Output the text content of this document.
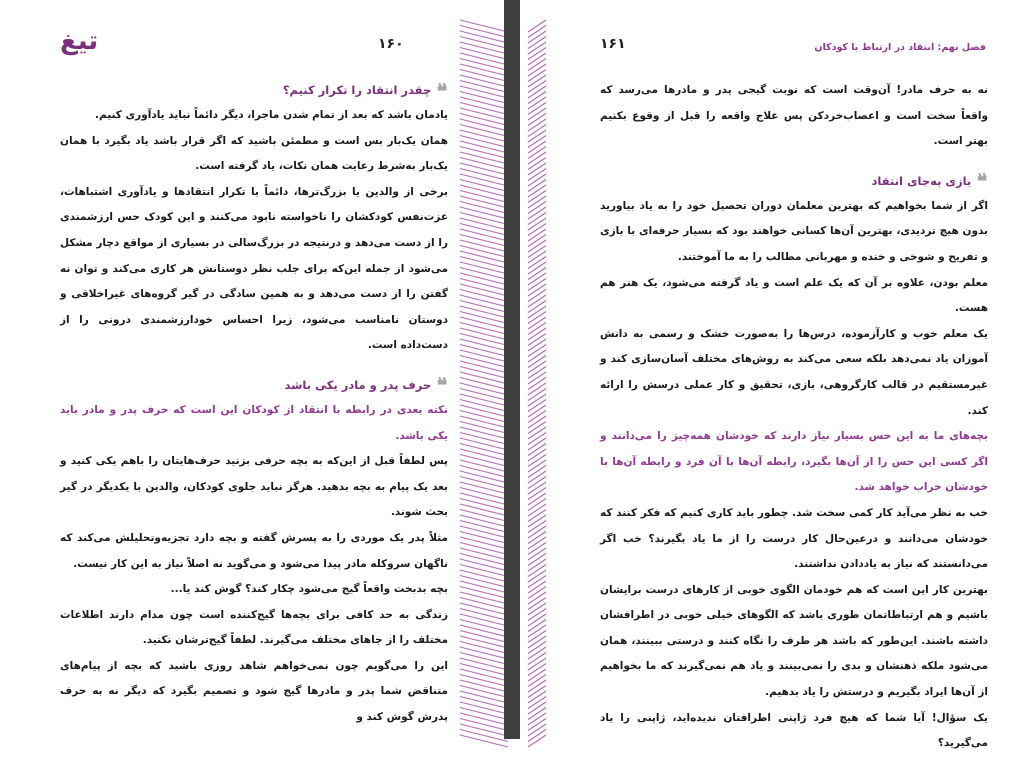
تیغ	۱۶۰
❝
چقدر انتقاد را تکرار کنیم؟

یادمان باشد که بعد از تمام شدن ماجرا، دیگر دائماً نباید یادآوری کنیم.

همان یک‌بار بس است و مطمئن باشید که اگر قرار باشد یاد بگیرد با همان یک‌بار به‌شرط رعایت همان نکات، یاد گرفته است.

برخی از والدین یا بزرگ‌ترها، دائماً با تکرار انتقادها و یادآوری اشتباهات، عزت‌نفس کودکشان را ناخواسته نابود می‌کنند و این کودک حس ارزشمندی را از دست می‌دهد و درنتیجه در بزرگ‌سالی در بسیاری از مواقع دچار مشکل می‌شود از جمله این‌که برای جلب نظر دوستانش هر کاری می‌کند و توان نه گفتن را از دست می‌دهد و به همین سادگی در گیر گروه‌های غیراخلاقی و دوستان نامناسب می‌شود، زیرا احساس خودارزشمندی درونی را از دست‌داده است.

❝
حرف پدر و مادر یکی باشد

نکته بعدی در رابطه با انتقاد از کودکان این است که حرف پدر و مادر باید یکی باشد.

پس لطفاً قبل از این‌که به بچه حرفی بزنید حرف‌هایتان را باهم یکی کنید و بعد یک پیام به بچه بدهید. هرگز نباید جلوی کودکان، والدین با یکدیگر در گیر بحث شوند.

مثلاً پدر یک موردی را به پسرش گفته و بچه دارد تجزیه‌وتحلیلش می‌کند که ناگهان سروکله مادر پیدا می‌شود و می‌گوید نه اصلاً نیاز به این کار نیست.

بچه بدبخت واقعاً گیج می‌شود چکار کند؟ گوش کند یا...

زندگی به حد کافی برای بچه‌ها گیج‌کننده است چون مدام دارند اطلاعات مختلف را از جاهای مختلف می‌گیرند. لطفاً گیج‌ترشان نکنید.

این را می‌گویم چون نمی‌خواهم شاهد روزی باشید که بچه از پیام‌های متناقض شما پدر و مادرها گیج شود و تصمیم بگیرد که دیگر نه به حرف پدرش گوش کند و

فصل نهم: انتقاد در ارتباط با کودکان
۱۶۱

نه به حرف مادر! آن‌وقت است که نوبت گیجی پدر و مادرها می‌رسد که واقعاً سخت است و اعصاب‌خردکن پس علاج واقعه را قبل از وقوع بکنیم بهتر است.

❝
بازی به‌جای انتقاد

اگر از شما بخواهیم که بهترین معلمان دوران تحصیل خود را به یاد بیاورید بدون هیچ تردیدی، بهترین آن‌ها کسانی خواهند بود که بسیار حرفه‌ای با بازی و تفریح و شوخی و خنده و مهربانی مطالب را به ما آموختند.

معلم بودن، علاوه بر آن که یک علم است و یاد گرفته می‌شود، یک هنر هم هست.

یک معلم خوب و کارآزموده، درس‌ها را به‌صورت خشک و رسمی به دانش آموزان یاد نمی‌دهد بلکه سعی می‌کند به روش‌های مختلف آسان‌سازی کند و غیرمستقیم در قالب کارگروهی، بازی، تحقیق و کار عملی درسش را ارائه کند.

بچه‌های ما به این حس بسیار نیاز دارند که خودشان همه‌چیز را می‌دانند و اگر کسی این حس را از آن‌ها بگیرد، رابطه آن‌ها با آن فرد و رابطه آن‌ها با خودشان خراب خواهد شد.

خب به نظر می‌آید کار کمی سخت شد. چطور باید کاری کنیم که فکر کنند که خودشان می‌دانند و درعین‌حال کار درست را از ما یاد بگیرند؟ خب اگر می‌دانستند که نیاز به یاددادن نداشتند.

بهترین کار این است که هم خودمان الگوی خوبی از کارهای درست برایشان باشیم و هم ارتباطاتمان طوری باشد که الگوهای خیلی خوبی در اطرافشان داشته باشند. این‌طور که باشد هر طرف را نگاه کنند و درستی ببینند، همان می‌شود ملکه ذهنشان و بدی را نمی‌بینند و یاد هم نمی‌گیرند که ما بخواهیم از آن‌ها ایراد بگیریم و درستش را یاد بدهیم.

یک سؤال! آیا شما که هیچ فرد ژاپنی اطرافتان ندیده‌اید، ژاپنی را یاد می‌گیرید؟
